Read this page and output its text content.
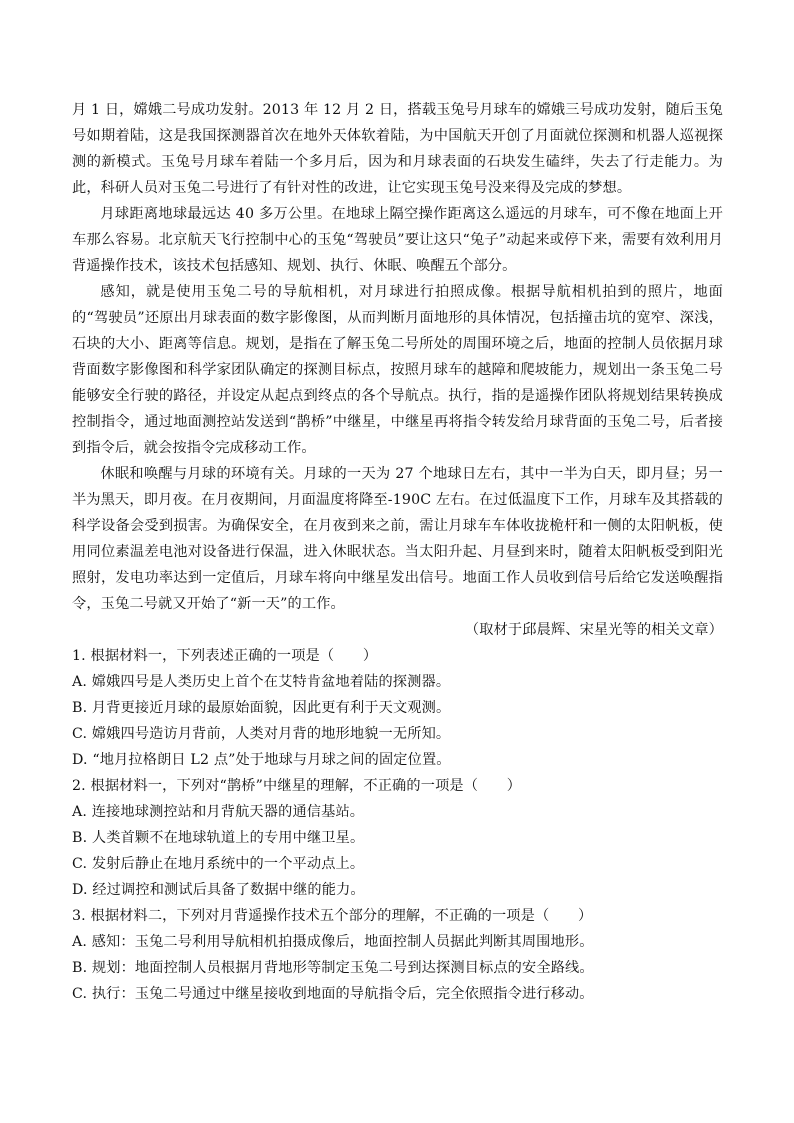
月 1 日，嫦娥二号成功发射。2013 年 12 月 2 日，搭载玉兔号月球车的嫦娥三号成功发射，随后玉兔号如期着陆，这是我国探测器首次在地外天体软着陆，为中国航天开创了月面就位探测和机器人巡视探测的新模式。玉兔号月球车着陆一个多月后，因为和月球表面的石块发生磕绊，失去了行走能力。为此，科研人员对玉兔二号进行了有针对性的改进，让它实现玉兔号没来得及完成的梦想。

月球距离地球最远达 40 多万公里。在地球上隔空操作距离这么遥远的月球车，可不像在地面上开车那么容易。北京航天飞行控制中心的玉兔“驾驶员”要让这只“兔子”动起来或停下来，需要有效利用月背遥操作技术，该技术包括感知、规划、执行、休眠、唤醒五个部分。

感知，就是使用玉兔二号的导航相机，对月球进行拍照成像。根据导航相机拍到的照片，地面的“驾驶员”还原出月球表面的数字影像图，从而判断月面地形的具体情况，包括撞击坑的宽窄、深浅，石块的大小、距离等信息。规划，是指在了解玉兔二号所处的周围环境之后，地面的控制人员依据月球背面数字影像图和科学家团队确定的探测目标点，按照月球车的越障和爬坡能力，规划出一条玉兔二号能够安全行驶的路径，并设定从起点到终点的各个导航点。执行，指的是遥操作团队将规划结果转换成控制指令，通过地面测控站发送到“鹊桥”中继星，中继星再将指令转发给月球背面的玉兔二号，后者接到指令后，就会按指令完成移动工作。

休眠和唤醒与月球的环境有关。月球的一天为 27 个地球日左右，其中一半为白天，即月昼；另一半为黑天，即月夜。在月夜期间，月面温度将降至-190C 左右。在过低温度下工作，月球车及其搭载的科学设备会受到损害。为确保安全，在月夜到来之前，需让月球车车体收拢桅杆和一侧的太阳帆板，使用同位素温差电池对设备进行保温，进入休眠状态。当太阳升起、月昼到来时，随着太阳帆板受到阳光照射，发电功率达到一定值后，月球车将向中继星发出信号。地面工作人员收到信号后给它发送唤醒指令，玉兔二号就又开始了“新一天”的工作。

（取材于邱晨辉、宋星光等的相关文章）

1. 根据材料一，下列表述正确的一项是（　　）

A. 嫦娥四号是人类历史上首个在艾特肯盆地着陆的探测器。

B. 月背更接近月球的最原始面貌，因此更有利于天文观测。

C. 嫦娥四号造访月背前，人类对月背的地形地貌一无所知。

D. “地月拉格朗日 L2 点”处于地球与月球之间的固定位置。

2. 根据材料一，下列对“鹊桥”中继星的理解，不正确的一项是（　　）

A. 连接地球测控站和月背航天器的通信基站。

B. 人类首颗不在地球轨道上的专用中继卫星。

C. 发射后静止在地月系统中的一个平动点上。

D. 经过调控和测试后具备了数据中继的能力。

3. 根据材料二，下列对月背遥操作技术五个部分的理解，不正确的一项是（　　）

A. 感知：玉兔二号利用导航相机拍摄成像后，地面控制人员据此判断其周围地形。

B. 规划：地面控制人员根据月背地形等制定玉兔二号到达探测目标点的安全路线。

C. 执行：玉兔二号通过中继星接收到地面的导航指令后，完全依照指令进行移动。
